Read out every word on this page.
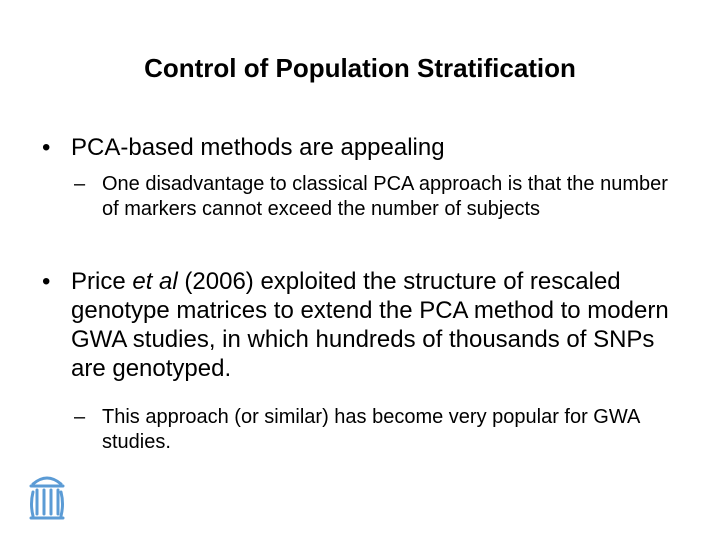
Control of Population Stratification
• PCA-based methods are appealing
– One disadvantage to classical PCA approach is that the number of markers cannot exceed the number of subjects
• Price et al (2006) exploited the structure of rescaled genotype matrices to extend the PCA method to modern GWA studies, in which hundreds of thousands of SNPs are genotyped.
– This approach (or similar) has become very popular for GWA studies.
